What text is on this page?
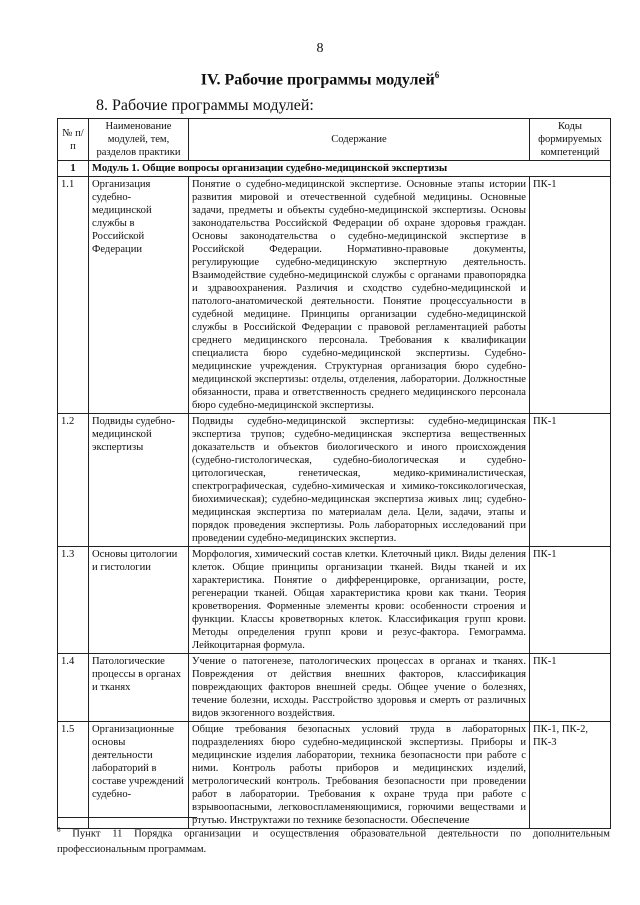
8
IV. Рабочие программы модулей$^6$
8. Рабочие программы модулей:
№ п/п	Наименование модулей, тем, разделов практики	Содержание	Коды формируемых компетенций
1	Модуль 1. Общие вопросы организации судебно-медицинской экспертизы		
1.1	Организация судебно-медицинской службы в Российской Федерации	Понятие о судебно-медицинской экспертизе. Основные этапы истории развития мировой и отечественной судебной медицины. Основные задачи, предметы и объекты судебно-медицинской экспертизы. Основы законодательства Российской Федерации об охране здоровья граждан. Основы законодательства о судебно-медицинской экспертизе в Российской Федерации. Нормативно-правовые документы, регулирующие судебно-медицинскую экспертную деятельность. Взаимодействие судебно-медицинской службы с органами правопорядка и здравоохранения. Различия и сходство судебно-медицинской и патолого-анатомической деятельности. Понятие процессуальности в судебной медицине. Принципы организации судебно-медицинской службы в Российской Федерации с правовой регламентацией работы среднего медицинского персонала. Требования к квалификации специалиста бюро судебно-медицинской экспертизы. Судебно-медицинские учреждения. Структурная организация бюро судебно-медицинской экспертизы: отделы, отделения, лаборатории. Должностные обязанности, права и ответственность среднего медицинского персонала бюро судебно-медицинской экспертизы.	ПК-1
1.2	Подвиды судебно-медицинской экспертизы	Подвиды судебно-медицинской экспертизы: судебно-медицинская экспертиза трупов; судебно-медицинская экспертиза вещественных доказательств и объектов биологического и иного происхождения (судебно-гистологическая, судебно-биологическая и судебно-цитологическая, генетическая, медико-криминалистическая, спектрографическая, судебно-химическая и химико-токсикологическая, биохимическая); судебно-медицинская экспертиза живых лиц; судебно-медицинская экспертиза по материалам дела. Цели, задачи, этапы и порядок проведения экспертизы. Роль лабораторных исследований при проведении судебно-медицинских экспертиз.	ПК-1
1.3	Основы цитологии и гистологии	Морфология, химический состав клетки. Клеточный цикл. Виды деления клеток. Общие принципы организации тканей. Виды тканей и их характеристика. Понятие о дифференцировке, организации, росте, регенерации тканей. Общая характеристика крови как ткани. Теория кроветворения. Форменные элементы крови: особенности строения и функции. Классы кроветворных клеток. Классификация групп крови. Методы определения групп крови и резус-фактора. Гемограмма. Лейкоцитарная формула.	ПК-1
1.4	Патологические процессы в органах и тканях	Учение о патогенезе, патологических процессах в органах и тканях. Повреждения от действия внешних факторов, классификация повреждающих факторов внешней среды. Общее учение о болезнях, течение болезни, исходы. Расстройство здоровья и смерть от различных видов экзогенного воздействия.	ПК-1
1.5	Организационные основы деятельности лабораторий в составе учреждений судебно-	Общие требования безопасных условий труда в лабораторных подразделениях бюро судебно-медицинской экспертизы. Приборы и медицинские изделия лаборатории, техника безопасности при работе с ними. Контроль работы приборов и медицинских изделий, метрологический контроль. Требования безопасности при проведении работ в лаборатории. Требования к охране труда при работе с взрывоопасными, легковоспламеняющимися, горючими веществами и ртутью. Инструктажи по технике безопасности. Обеспечение	ПК-1, ПК-2, ПК-3
$^6$ Пункт 11 Порядка организации и осуществления образовательной деятельности по дополнительным профессиональным программам.
